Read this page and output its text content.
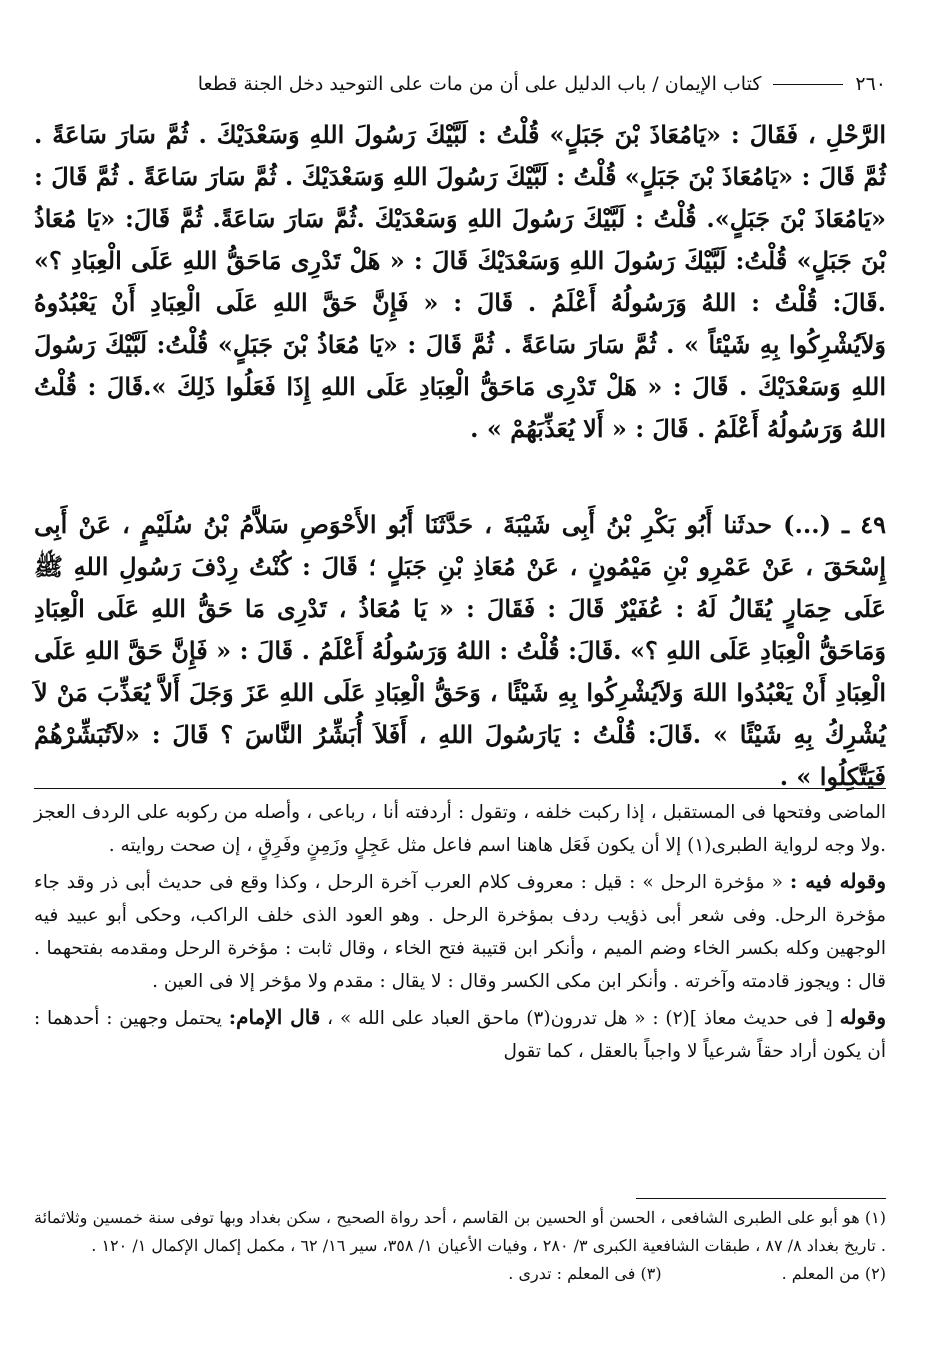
٢٦٠
كتاب الإيمان / باب الدليل على أن من مات على التوحيد دخل الجنة قطعا

الرَّحْلِ ، فَقَالَ : «يَامُعَاذَ بْنَ جَبَلٍ» قُلْتُ : لَبَّيْكَ رَسُولَ اللهِ وَسَعْدَيْكَ . ثُمَّ سَارَ سَاعَةً . ثُمَّ قَالَ : «يَامُعَاذَ بْنَ جَبَلٍ» قُلْتُ : لَبَّيْكَ رَسُولَ اللهِ وَسَعْدَيْكَ . ثُمَّ سَارَ سَاعَةً . ثُمَّ قَالَ : «يَامُعَاذَ بْنَ جَبَلٍ». قُلْتُ : لَبَّيْكَ رَسُولَ اللهِ وَسَعْدَيْكَ .ثُمَّ سَارَ سَاعَةً. ثُمَّ قَالَ: «يَا مُعَاذُ بْنَ جَبَلٍ» قُلْتُ: لَبَّيْكَ رَسُولَ اللهِ وَسَعْدَيْكَ قَالَ : « هَلْ تَدْرِى مَاحَقُّ اللهِ عَلَى الْعِبَادِ ؟» .قَالَ: قُلْتُ : اللهُ وَرَسُولُهُ أَعْلَمُ . قَالَ : « فَإِنَّ حَقَّ اللهِ عَلَى الْعِبَادِ أَنْ يَعْبُدُوهُ وَلاَيُشْرِكُوا بِهِ شَيْئاً » . ثُمَّ سَارَ سَاعَةً . ثُمَّ قَالَ : «يَا مُعَاذُ بْنَ جَبَلٍ» قُلْتُ: لَبَّيْكَ رَسُولَ اللهِ وَسَعْدَيْكَ . قَالَ : « هَلْ تَدْرِى مَاحَقُّ الْعِبَادِ عَلَى اللهِ إِذَا فَعَلُوا ذَلِكَ ».قَالَ : قُلْتُ اللهُ وَرَسُولُهُ أَعْلَمُ . قَالَ : « أَلا يُعَذِّبَهُمْ » .

٤٩ ـ (...) حدثَنا أَبُو بَكْرِ بْنُ أَبِى شَيْبَةَ ، حَدَّثَنَا أَبُو الأَحْوَصِ سَلاَّمُ بْنُ سُلَيْمٍ ، عَنْ أَبِى إِسْحَقَ ، عَنْ عَمْرِو بْنِ مَيْمُونٍ ، عَنْ مُعَاذِ بْنِ جَبَلٍ ؛ قَالَ : كُنْتُ رِدْفَ رَسُولِ اللهِ ﷺ عَلَى حِمَارٍ يُقَالُ لَهُ : عُفَيْرٌ قَالَ : فَقَالَ : « يَا مُعَاذُ ، تَدْرِى مَا حَقُّ اللهِ عَلَى الْعِبَادِ وَمَاحَقُّ الْعِبَادِ عَلَى اللهِ ؟» .قَالَ: قُلْتُ : اللهُ وَرَسُولُهُ أَعْلَمُ . قَالَ : « فَإِنَّ حَقَّ اللهِ عَلَى الْعِبَادِ أَنْ يَعْبُدُوا اللهَ وَلاَيُشْرِكُوا بِهِ شَيْئًا ، وَحَقُّ الْعِبَادِ عَلَى اللهِ عَزَ وَجَلَ أَلاَّ يُعَذِّبَ مَنْ لاَ يُشْرِكُ بِهِ شَيْئًا » .قَالَ: قُلْتُ : يَارَسُولَ اللهِ ، أَفَلاَ أُبَشِّرُ النَّاسَ ؟ قَالَ : «لاَتُبَشِّرْهُمْ فَيَتَّكِلُوا » .

الماضى وفتحها فى المستقبل ، إذا ركبت خلفه ، وتقول : أردفته أنا ، رباعى ، وأصله من ركوبه على الردف العجز .ولا وجه لرواية الطبرى(١) إلا أن يكون فَعَل هاهنا اسم فاعل مثل عَجِلٍ وزَمِنٍ وفَرِقٍ ، إن صحت روايته .

وقوله فيه : « مؤخرة الرحل » : قيل : معروف كلام العرب آخرة الرحل ، وكذا وقع فى حديث أبى ذر وقد جاء مؤخرة الرحل. وفى شعر أبى ذؤيب ردف بمؤخرة الرحل . وهو العود الذى خلف الراكب، وحكى أبو عبيد فيه الوجهين وكله بكسر الخاء وضم الميم ، وأنكر ابن قتيبة فتح الخاء ، وقال ثابت : مؤخرة الرحل ومقدمه بفتحهما . قال : ويجوز قادمته وآخرته . وأنكر ابن مكى الكسر وقال : لا يقال : مقدم ولا مؤخر إلا فى العين .

وقوله [ فى حديث معاذ ](٢) : « هل تدرون(٣) ماحق العباد على الله » ، قال الإمام: يحتمل وجهين : أحدهما : أن يكون أراد حقاً شرعياً لا واجباً بالعقل ، كما تقول

(١) هو أبو على الطبرى الشافعى ، الحسن أو الحسين بن القاسم ، أحد رواة الصحيح ، سكن بغداد وبها توفى سنة خمسين وثلاثمائة . تاريخ بغداد ٨/ ٨٧ ، طبقات الشافعية الكبرى ٣/ ٢٨٠ ، وفيات الأعيان ١/ ٣٥٨، سير ١٦/ ٦٢ ، مكمل إكمال الإكمال ١/ ١٢٠ .

(٢) من المعلم .
(٣) فى المعلم : تدرى .
